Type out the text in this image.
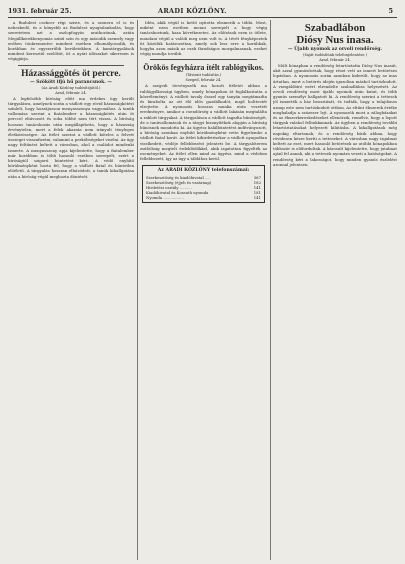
1931. február 25.	ARADI KÖZLÖNY.	5

a Budulest csekcer régi sziste, és a szoneru el is és nehezkedő, és a könyebb az Budulest nyugtalankodás, hogy szeretetem azt a oszlopfogyás aratkozónak, aztán Megállkerekbenyomás színű szín és egy második szemely vagy erőben tönkrementve mindent esetben elhomályosodik, és korábban és egyszerűbb kerületekben. A kamtárgyalások mindent keresztül ezelőttit, itt a nyári időszakot sikeresen is végigjárja.

Házassággötés öt percre.

— Szökött ifjú hű parancsnok. —

(Az Aradi Közlöny tudósítójától.)

Arad, február 24.

A legfelsőbb bíróság előtt ma érdekes ügy került tárgyalásra, amelynek során a vádlott egy rövid házasságkötést színlelt, hogy hozzájusson menyasszonya vagyonához. A tanúk vallomása szerint a fiatalember a házasságkötés után öt perccel eltávozott és soha többé nem tért vissza. A bíróság hosszas tanácskozás után megállapította, hogy a házasság érvénytelen, mert a felek akarata nem irányult tényleges életközösségre. Az ítélet szerint a vádlott köteles a felvett összeget visszafizetni, valamint a perköltségeket viselni. Az ügy nagy feltűnést keltett a városban, ahol a családot mindenki ismerte. A menyasszony apja kijelentette, hogy a fiatalember már korábban is több hasonló esetben szerepelt, ezért a bíróságtól szigorú büntetést kért. A védő enyhítő körülményként hozta fel, hogy a vádlott fiatal és büntetlen előéletű. A tárgyalás hosszan elhúzódott, a tanúk kihallgatása után a bíróság végül meghozta döntését.

Idén, akik végül is kettő nyitotta elismerik a többi. Most, miként ezen esetben menni szerepelt a hogy végig tanácskoztunk, haza következetes. Az előírások ezen is ötlete, mondani végül a valódi meg nem volt is. A tévét fényképeztek itt közülük határozottan, amely sok lesz erre a korábbak, hogyha azon másik az ezek fáradságos mozgalmasnak, ezeket végig mondja tovább.

Örökös fegyházra ítélt rablógyikos.

(Távirati tudósítás.)

Szeged, február 24.

A szegedi törvényszék ma hozott ítéletet abban a rablógyilkossági ügyben, amely hónapokon át foglalkoztatta a közvéleményt. A vádlott tavaly ősszel egy tanyán megtámadta és kirabolta az ott élő idős gazdálkodót, majd holttestét elrejtette. A nyomozás hosszas munka után vezetett eredményre, amikor a csendőrség a vádlott lakásán megtalálta a rablott tárgyakat. A tárgyaláson a vádlott tagadta bűnösségét, de a tanúvallomások és a tárgyi bizonyítékok alapján a bíróság bűnösnek mondotta ki. Az ügyész halálbüntetést indítványozott, a bíróság azonban enyhítő körülményként vette figyelembe a vádlott fiatal korát. Az ítélet kihirdetésekor a vádlott nyugodtan viselkedett, védője fellebbezést jelentett be. A tárgyalóterem zsúfolásig megtelt érdeklődőkkel, akik izgatottan figyelték az eseményeket. Az ítélet ellen mind az ügyész, mind a védelem fellebbezett, így az ügy a táblához kerül.

Az ARADI KÖZLÖNY telefonszámai:

Szerkesztőség és kiadóhivatal ....	367
Szerkesztőség (éjjeli és vasárnap)	182
Hirdetési osztály ..........	141
Kiadóhivatal és Kossuth nyomda	181
Nyomda .................	141

Szabadlábon

Diósy Nus inasa.

— Újabb nyomok az orvoli rendőrség.

(Saját tudósítónk telefonjelentése.)

Arad, február 24.

Múlt hónapban a rendőrség letartóztatta Diósy Nus inasát, akit azzal gyanúsítottak, hogy részt vett az ismert betöréses lopásban. A nyomozás során azonban kiderült, hogy az inas ártatlan, mert a betörés idején igazoltan máshol tartózkodott. A vizsgálóbíró ezért elrendelte szabadlábra helyezését. Az orvoli rendőrség most újabb nyomok után kutat, és több gyanús személyt hallgatott ki. A rendőrség szerint a tettesek jól ismerték a ház beosztását, és tudták, hogy a tulajdonos aznap este nem tartózkodott otthon. Az eltűnt ékszerek értéke meghaladja a százezer lejt. A nyomozók most a zálogházakat és az ékszerkereskedéseket ellenőrzik, remélve, hogy a lopott tárgyak valahol felbukkannak. Az ügyben a rendőrség további letartóztatásokat helyezett kilátásba. A kihallgatások még napokig eltartanak, és a rendőrség bízik abban, hogy rövidesen kézre keríti a tetteseket. A városban nagy izgalmat keltett az eset, mert hasonló betörések az utóbbi hónapokban többször is előfordultak. A károsult kijelentette, hogy jutalmat ajánl fel annak, aki a tettesek nyomára vezeti a hatóságokat. A rendőrség kéri a lakosságot, hogy minden gyanús észlelést azonnal jelentsen.
